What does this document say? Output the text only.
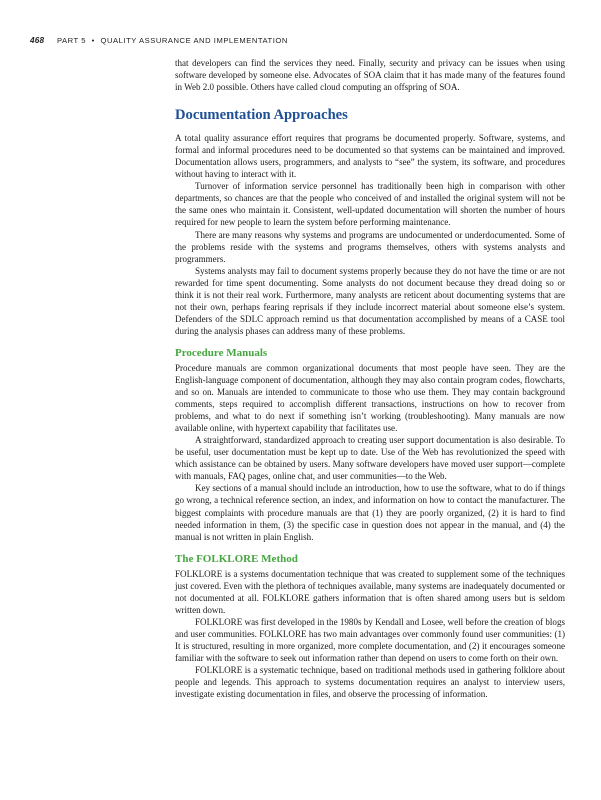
468 PART 5 • QUALITY ASSURANCE AND IMPLEMENTATION

that developers can find the services they need. Finally, security and privacy can be issues when using software developed by someone else. Advocates of SOA claim that it has made many of the features found in Web 2.0 possible. Others have called cloud computing an offspring of SOA.

Documentation Approaches

A total quality assurance effort requires that programs be documented properly. Software, systems, and formal and informal procedures need to be documented so that systems can be maintained and improved. Documentation allows users, programmers, and analysts to “see” the system, its software, and procedures without having to interact with it.

Turnover of information service personnel has traditionally been high in comparison with other departments, so chances are that the people who conceived of and installed the original system will not be the same ones who maintain it. Consistent, well-updated documentation will shorten the number of hours required for new people to learn the system before performing maintenance.

There are many reasons why systems and programs are undocumented or underdocumented. Some of the problems reside with the systems and programs themselves, others with systems analysts and programmers.

Systems analysts may fail to document systems properly because they do not have the time or are not rewarded for time spent documenting. Some analysts do not document because they dread doing so or think it is not their real work. Furthermore, many analysts are reticent about documenting systems that are not their own, perhaps fearing reprisals if they include incorrect material about someone else’s system. Defenders of the SDLC approach remind us that documentation accomplished by means of a CASE tool during the analysis phases can address many of these problems.

Procedure Manuals

Procedure manuals are common organizational documents that most people have seen. They are the English-language component of documentation, although they may also contain program codes, flowcharts, and so on. Manuals are intended to communicate to those who use them. They may contain background comments, steps required to accomplish different transactions, instructions on how to recover from problems, and what to do next if something isn’t working (troubleshooting). Many manuals are now available online, with hypertext capability that facilitates use.

A straightforward, standardized approach to creating user support documentation is also desirable. To be useful, user documentation must be kept up to date. Use of the Web has revolutionized the speed with which assistance can be obtained by users. Many software developers have moved user support—complete with manuals, FAQ pages, online chat, and user communities—to the Web.

Key sections of a manual should include an introduction, how to use the software, what to do if things go wrong, a technical reference section, an index, and information on how to contact the manufacturer. The biggest complaints with procedure manuals are that (1) they are poorly organized, (2) it is hard to find needed information in them, (3) the specific case in question does not appear in the manual, and (4) the manual is not written in plain English.

The FOLKLORE Method

FOLKLORE is a systems documentation technique that was created to supplement some of the techniques just covered. Even with the plethora of techniques available, many systems are inadequately documented or not documented at all. FOLKLORE gathers information that is often shared among users but is seldom written down.

FOLKLORE was first developed in the 1980s by Kendall and Losee, well before the creation of blogs and user communities. FOLKLORE has two main advantages over commonly found user communities: (1) It is structured, resulting in more organized, more complete documentation, and (2) it encourages someone familiar with the software to seek out information rather than depend on users to come forth on their own.

FOLKLORE is a systematic technique, based on traditional methods used in gathering folklore about people and legends. This approach to systems documentation requires an analyst to interview users, investigate existing documentation in files, and observe the processing of information.
